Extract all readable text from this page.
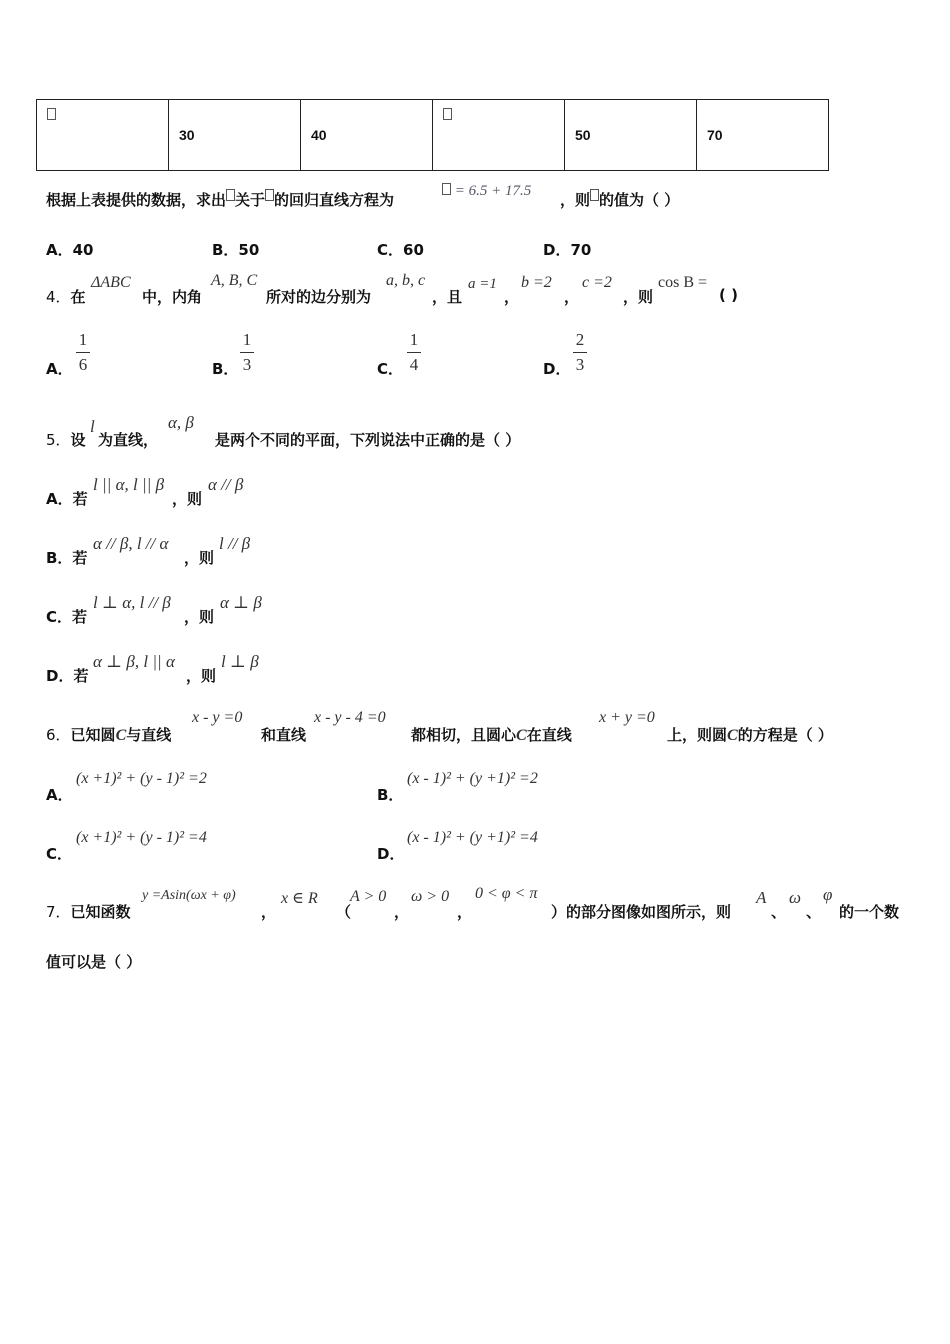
	30	40		50	70
根据上表提供的数据，求出 关于 的回归直线方程为	= 6.5 + 17.5 ，则 的值为（ ）
A．40	B．50	C．60	D．70
4．在
ΔABC
中，内角
A, B, C
所对的边分别为
a, b, c
，且
a =1
，
b =2
，
c =2
，则
cos B =
( )
A．
1
6	B．
1
3	C．
1
4	D．
2
3
5．设
l
为直线，
α, β
是两个不同的平面，下列说法中正确的是（ ）
A．若
l || α, l || β
，则
α // β
B．若
α // β, l // α
，则
l // β
C．若
l ⊥ α, l // β
，则
α ⊥ β
D．若
α ⊥ β, l || α
，则
l ⊥ β
6．已知圆C与直线
x - y =0
和直线
x - y - 4 =0
都相切，且圆心C在直线
x + y =0
上，则圆C的方程是（ ）
A．
(x +1)² + (y - 1)² =2
B．
(x - 1)² + (y +1)² =2
C．
(x +1)² + (y - 1)² =4
D．
(x - 1)² + (y +1)² =4
7．已知函数
y =Asin(ωx + φ)
，
x ∈ R
（
A > 0
，
ω > 0
，
0 < φ < π
）的部分图像如图所示，则
A
、
ω
、
φ
的一个数
值可以是（ ）
